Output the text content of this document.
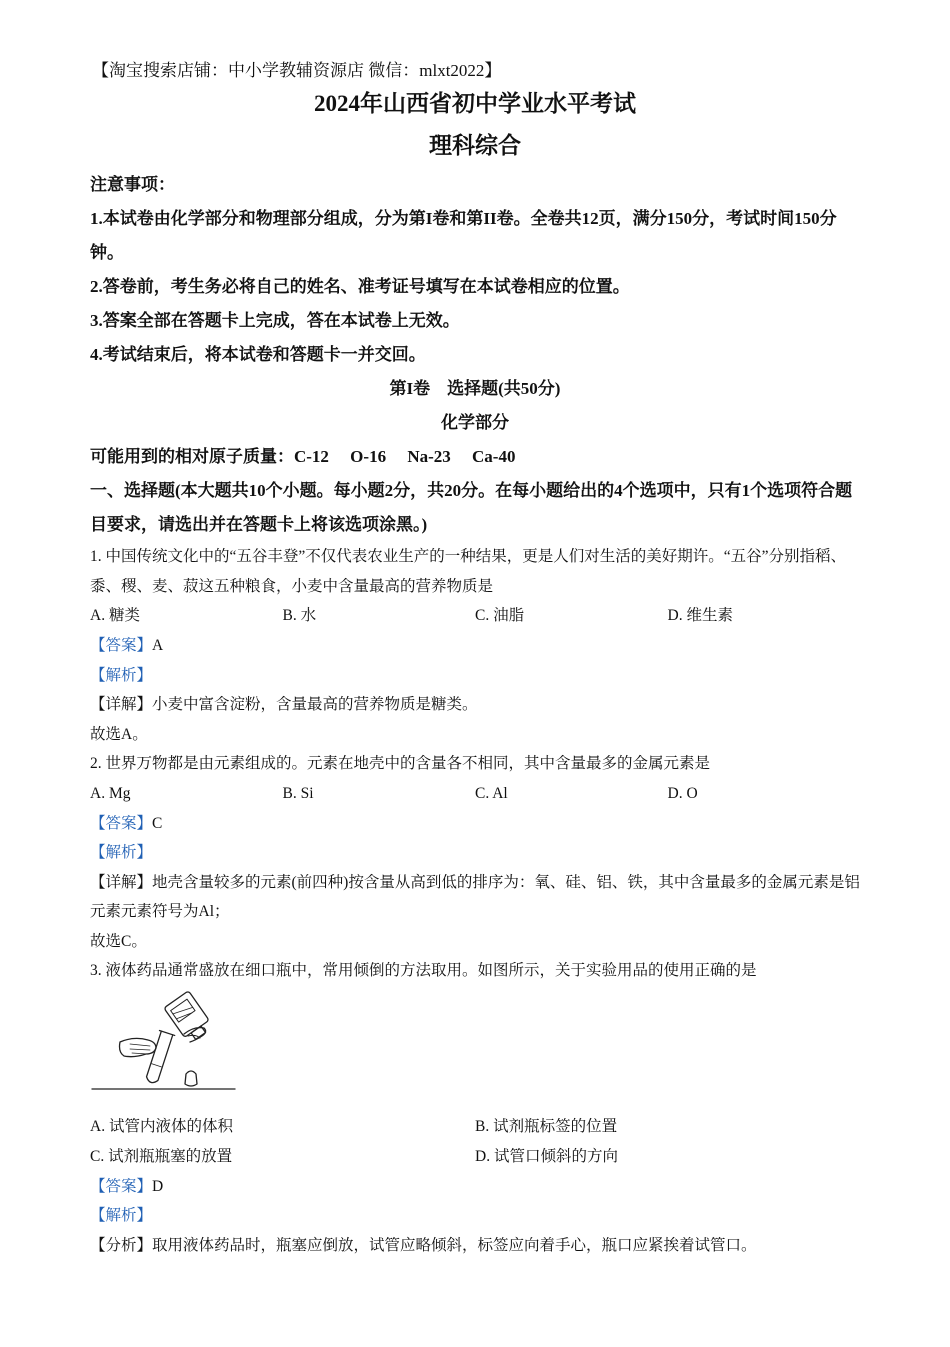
【淘宝搜索店铺：中小学教辅资源店 微信：mlxt2022】
2024年山西省初中学业水平考试
理科综合
注意事项：

1.本试卷由化学部分和物理部分组成，分为第I卷和第II卷。全卷共12页，满分150分，考试时间150分钟。

2.答卷前，考生务必将自己的姓名、准考证号填写在本试卷相应的位置。

3.答案全部在答题卡上完成，答在本试卷上无效。

4.考试结束后，将本试卷和答题卡一并交回。

第I卷　选择题(共50分)

化学部分

可能用到的相对原子质量：C-12　 O-16　 Na-23　 Ca-40

一、选择题(本大题共10个小题。每小题2分，共20分。在每小题给出的4个选项中，只有1个选项符合题目要求，请选出并在答题卡上将该选项涂黑。)

1. 中国传统文化中的“五谷丰登”不仅代表农业生产的一种结果，更是人们对生活的美好期许。“五谷”分别指稻、黍、稷、麦、菽这五种粮食，小麦中含量最高的营养物质是

A. 糖类	B. 水	C. 油脂	D. 维生素

【答案】A

【解析】

【详解】小麦中富含淀粉，含量最高的营养物质是糖类。

故选A。

2. 世界万物都是由元素组成的。元素在地壳中的含量各不相同，其中含量最多的金属元素是

A. Mg	B. Si	C. Al	D. O

【答案】C

【解析】

【详解】地壳含量较多的元素(前四种)按含量从高到低的排序为：氧、硅、铝、铁，其中含量最多的金属元素是铝元素元素符号为Al；

故选C。

3. 液体药品通常盛放在细口瓶中，常用倾倒的方法取用。如图所示，关于实验用品的使用正确的是

A. 试管内液体的体积	B. 试剂瓶标签的位置
C. 试剂瓶瓶塞的放置	D. 试管口倾斜的方向

【答案】D

【解析】

【分析】取用液体药品时，瓶塞应倒放，试管应略倾斜，标签应向着手心，瓶口应紧挨着试管口。
